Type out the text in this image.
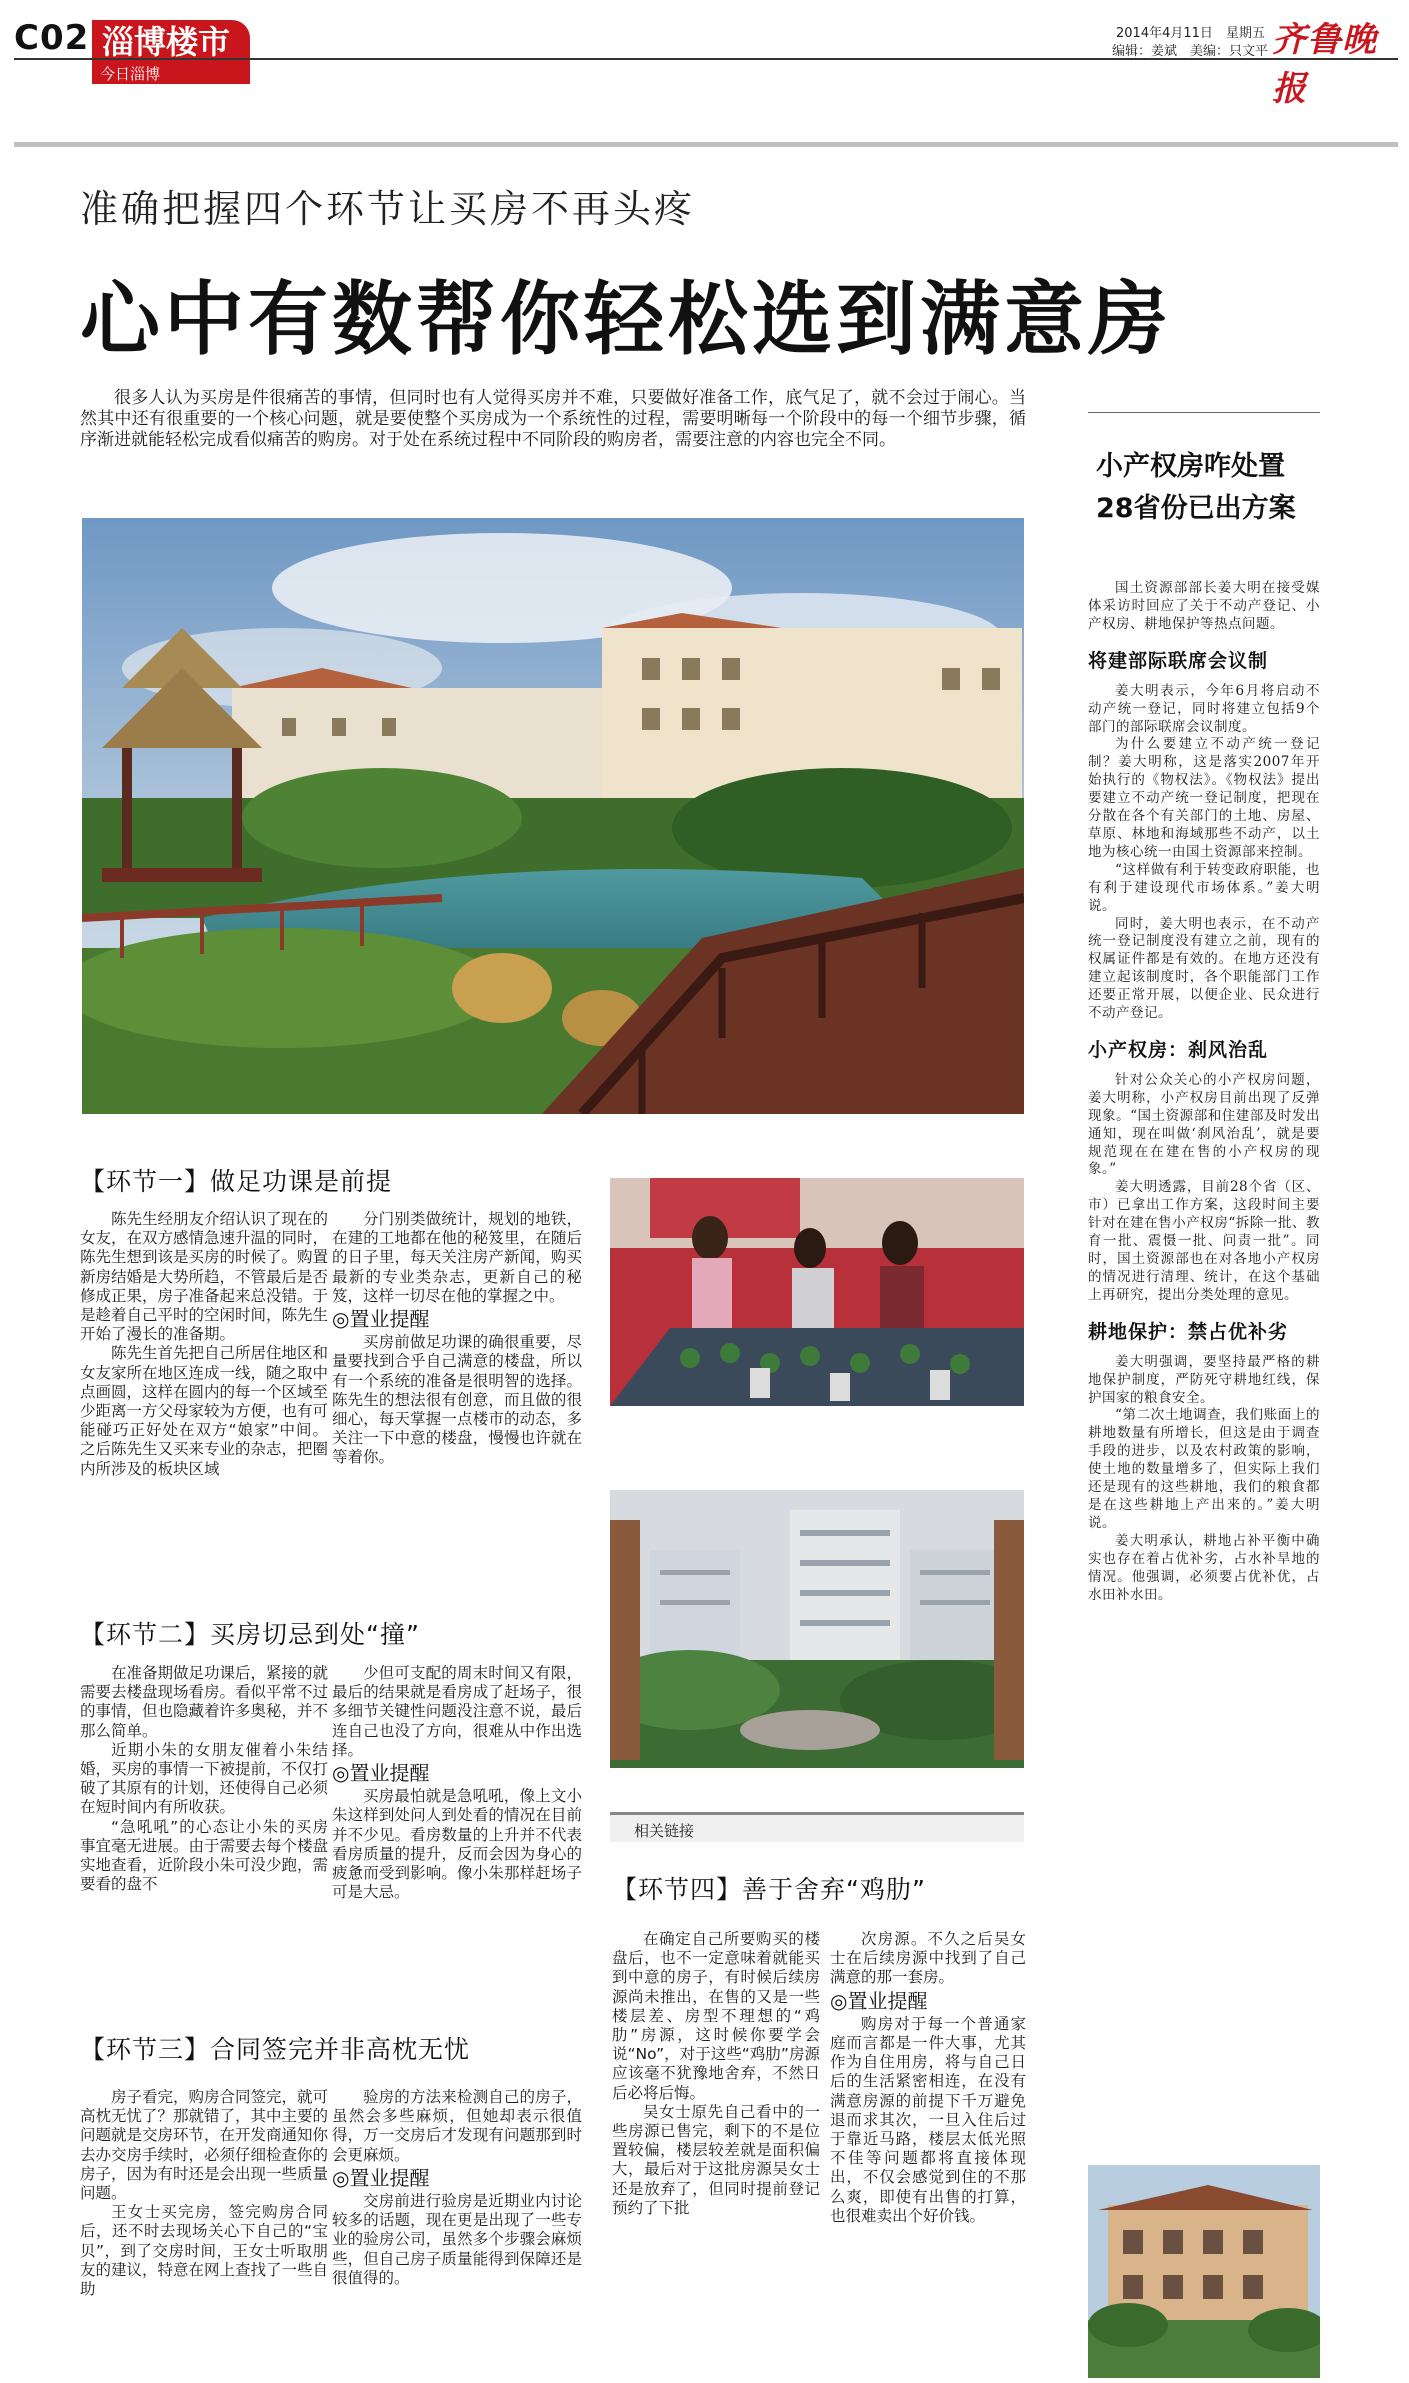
C02 淄博楼市
今日淄博
2014年4月11日　星期五
编辑：姜斌　美编：只文平 齐鲁晚报
准确把握四个环节让买房不再头疼
心中有数帮你轻松选到满意房
很多人认为买房是件很痛苦的事情，但同时也有人觉得买房并不难，只要做好准备工作，底气足了，就不会过于闹心。当然其中还有很重要的一个核心问题，就是要使整个买房成为一个系统性的过程，需要明晰每一个阶段中的每一个细节步骤，循序渐进就能轻松完成看似痛苦的购房。对于处在系统过程中不同阶段的购房者，需要注意的内容也完全不同。
【环节一】做足功课是前提

陈先生经朋友介绍认识了现在的女友，在双方感情急速升温的同时，陈先生想到该是买房的时候了。购置新房结婚是大势所趋，不管最后是否修成正果，房子准备起来总没错。于是趁着自己平时的空闲时间，陈先生开始了漫长的准备期。

陈先生首先把自己所居住地区和女友家所在地区连成一线，随之取中点画圆，这样在圆内的每一个区域至少距离一方父母家较为方便，也有可能碰巧正好处在双方“娘家”中间。之后陈先生又买来专业的杂志，把圈内所涉及的板块区域

分门别类做统计，规划的地铁，在建的工地都在他的秘笈里，在随后的日子里，每天关注房产新闻，购买最新的专业类杂志，更新自己的秘笈，这样一切尽在他的掌握之中。

◎置业提醒

买房前做足功课的确很重要，尽量要找到合乎自己满意的楼盘，所以有一个系统的准备是很明智的选择。陈先生的想法很有创意，而且做的很细心，每天掌握一点楼市的动态，多关注一下中意的楼盘，慢慢也许就在等着你。

【环节二】买房切忌到处“撞”

在准备期做足功课后，紧接的就需要去楼盘现场看房。看似平常不过的事情，但也隐藏着许多奥秘，并不那么简单。

近期小朱的女朋友催着小朱结婚，买房的事情一下被提前，不仅打破了其原有的计划，还使得自己必须在短时间内有所收获。

“急吼吼”的心态让小朱的买房事宜毫无进展。由于需要去每个楼盘实地查看，近阶段小朱可没少跑，需要看的盘不

少但可支配的周末时间又有限，最后的结果就是看房成了赶场子，很多细节关键性问题没注意不说，最后连自己也没了方向，很难从中作出选择。

◎置业提醒

买房最怕就是急吼吼，像上文小朱这样到处问人到处看的情况在目前并不少见。看房数量的上升并不代表看房质量的提升，反而会因为身心的疲惫而受到影响。像小朱那样赶场子可是大忌。

【环节三】合同签完并非高枕无忧

房子看完，购房合同签完，就可高枕无忧了？那就错了，其中主要的问题就是交房环节，在开发商通知你去办交房手续时，必须仔细检查你的房子，因为有时还是会出现一些质量问题。

王女士买完房，签完购房合同后，还不时去现场关心下自己的“宝贝”，到了交房时间，王女士听取朋友的建议，特意在网上查找了一些自助

验房的方法来检测自己的房子，虽然会多些麻烦，但她却表示很值得，万一交房后才发现有问题那到时会更麻烦。

◎置业提醒

交房前进行验房是近期业内讨论较多的话题，现在更是出现了一些专业的验房公司，虽然多个步骤会麻烦些，但自己房子质量能得到保障还是很值得的。

相关链接
【环节四】善于舍弃“鸡肋”

在确定自己所要购买的楼盘后，也不一定意味着就能买到中意的房子，有时候后续房源尚未推出，在售的又是一些楼层差、房型不理想的“鸡肋”房源，这时候你要学会说“No”，对于这些“鸡肋”房源应该毫不犹豫地舍弃，不然日后必将后悔。

吴女士原先自己看中的一些房源已售完，剩下的不是位置较偏，楼层较差就是面积偏大，最后对于这批房源吴女士还是放弃了，但同时提前登记预约了下批

次房源。不久之后吴女士在后续房源中找到了自己满意的那一套房。

◎置业提醒

购房对于每一个普通家庭而言都是一件大事，尤其作为自住用房，将与自己日后的生活紧密相连，在没有满意房源的前提下千万避免退而求其次，一旦入住后过于靠近马路，楼层太低光照不佳等问题都将直接体现出，不仅会感觉到住的不那么爽，即使有出售的打算，也很难卖出个好价钱。

小产权房咋处置
28省份已出方案

国土资源部部长姜大明在接受媒体采访时回应了关于不动产登记、小产权房、耕地保护等热点问题。

将建部际联席会议制

姜大明表示，今年6月将启动不动产统一登记，同时将建立包括9个部门的部际联席会议制度。

为什么要建立不动产统一登记制？姜大明称，这是落实2007年开始执行的《物权法》。《物权法》提出要建立不动产统一登记制度，把现在分散在各个有关部门的土地、房屋、草原、林地和海域那些不动产，以土地为核心统一由国土资源部来控制。

“这样做有利于转变政府职能，也有利于建设现代市场体系。”姜大明说。

同时，姜大明也表示，在不动产统一登记制度没有建立之前，现有的权属证件都是有效的。在地方还没有建立起该制度时，各个职能部门工作还要正常开展，以便企业、民众进行不动产登记。

小产权房：刹风治乱

针对公众关心的小产权房问题，姜大明称，小产权房目前出现了反弹现象。“国土资源部和住建部及时发出通知，现在叫做‘刹风治乱’，就是要规范现在在建在售的小产权房的现象。”

姜大明透露，目前28个省（区、市）已拿出工作方案，这段时间主要针对在建在售小产权房“拆除一批、教育一批、震慑一批、问责一批”。同时，国土资源部也在对各地小产权房的情况进行清理、统计，在这个基础上再研究，提出分类处理的意见。

耕地保护：禁占优补劣

姜大明强调，要坚持最严格的耕地保护制度，严防死守耕地红线，保护国家的粮食安全。

“第二次土地调查，我们账面上的耕地数量有所增长，但这是由于调查手段的进步，以及农村政策的影响，使土地的数量增多了，但实际上我们还是现有的这些耕地，我们的粮食都是在这些耕地上产出来的。”姜大明说。

姜大明承认，耕地占补平衡中确实也存在着占优补劣，占水补旱地的情况。他强调，必须要占优补优，占水田补水田。
